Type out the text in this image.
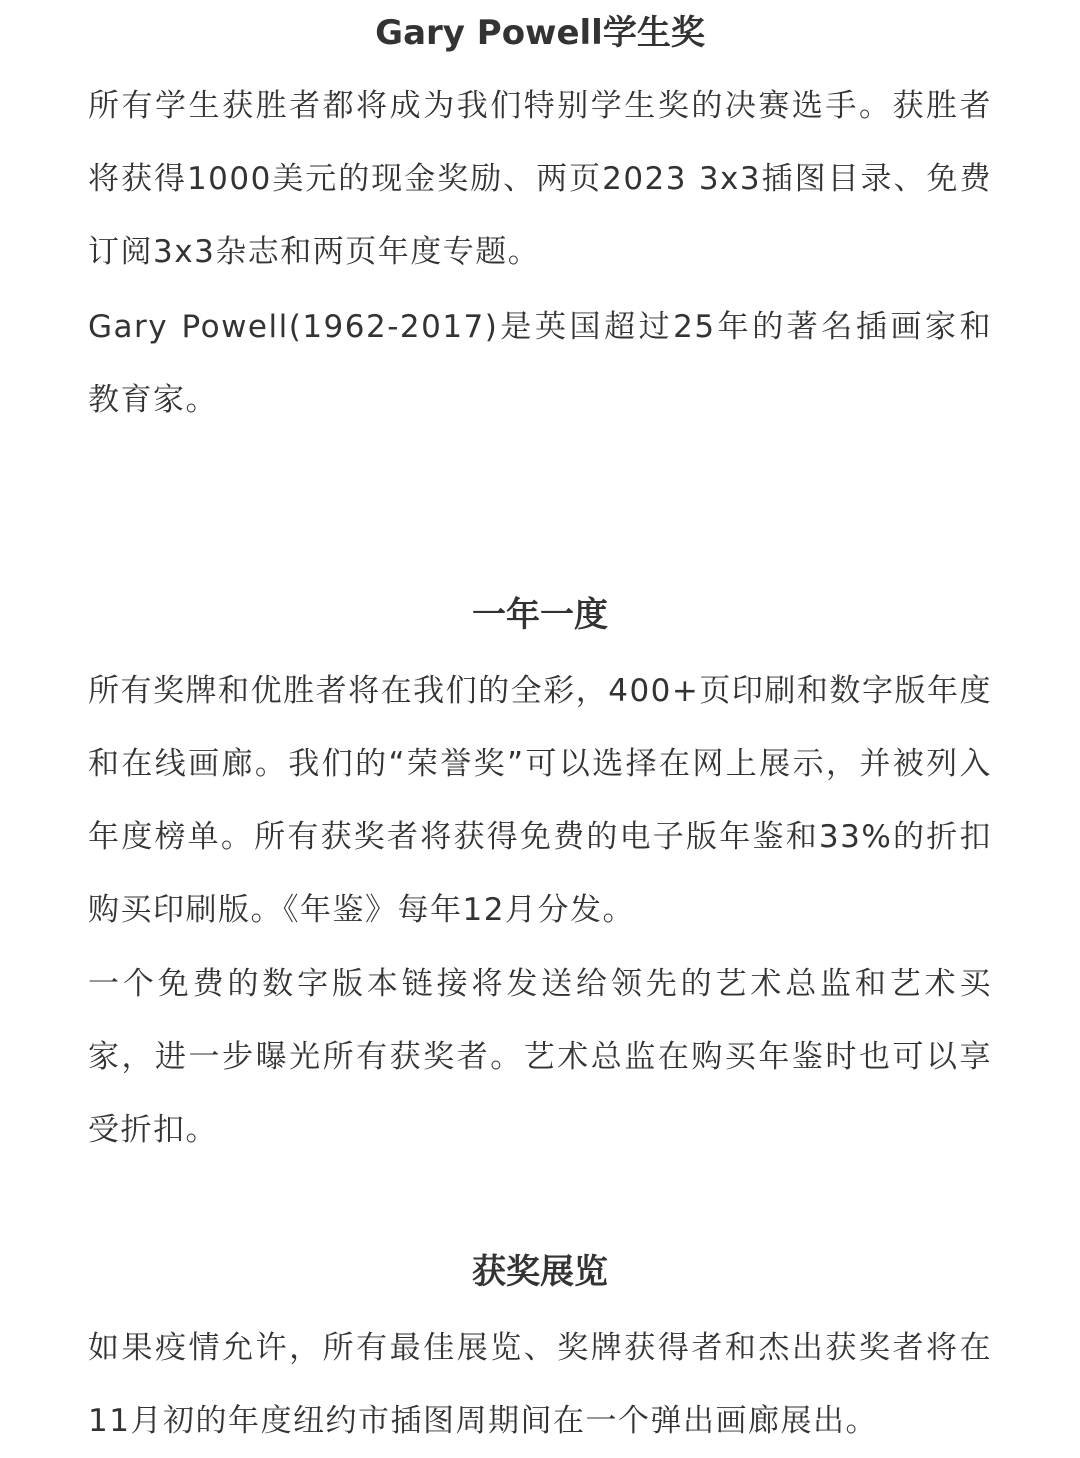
Gary Powell学生奖

所有学生获胜者都将成为我们特别学生奖的决赛选手。获胜者将获得1000美元的现金奖励、两页2023 3x3插图目录、免费订阅3x3杂志和两页年度专题。

Gary Powell(1962-2017)是英国超过25年的著名插画家和教育家。

一年一度

所有奖牌和优胜者将在我们的全彩，400+页印刷和数字版年度和在线画廊。我们的“荣誉奖”可以选择在网上展示，并被列入年度榜单。所有获奖者将获得免费的电子版年鉴和33%的折扣购买印刷版。《年鉴》每年12月分发。

一个免费的数字版本链接将发送给领先的艺术总监和艺术买家，进一步曝光所有获奖者。艺术总监在购买年鉴时也可以享受折扣。

获奖展览

如果疫情允许，所有最佳展览、奖牌获得者和杰出获奖者将在11月初的年度纽约市插图周期间在一个弹出画廊展出。
